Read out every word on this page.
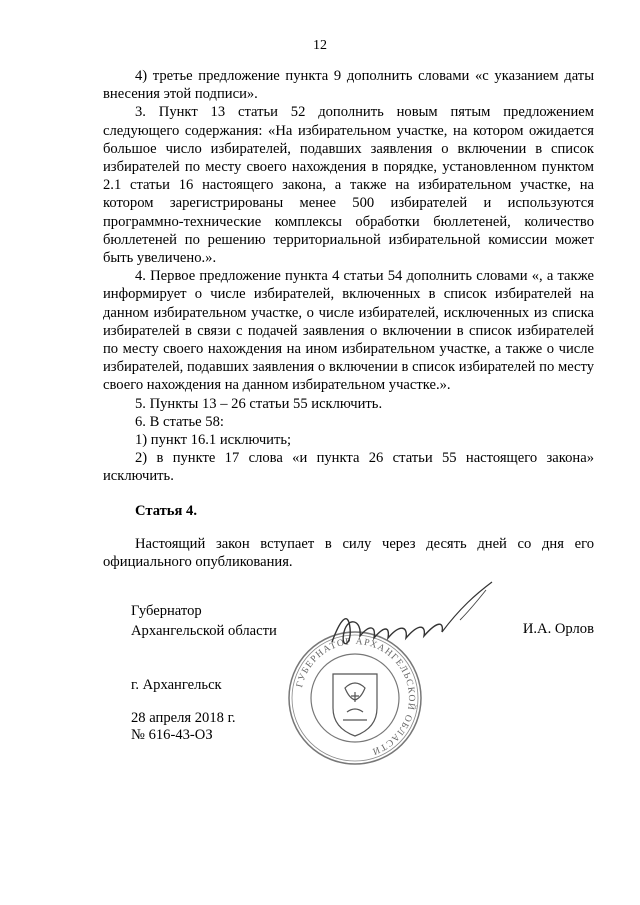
12

4) третье предложение пункта 9 дополнить словами «с указанием даты внесения этой подписи».

3. Пункт 13 статьи 52 дополнить новым пятым предложением следующего содержания: «На избирательном участке, на котором ожидается большое число избирателей, подавших заявления о включении в список избирателей по месту своего нахождения в порядке, установленном пунктом 2.1 статьи 16 настоящего закона, а также на избирательном участке, на котором зарегистрированы менее 500 избирателей и используются программно-технические комплексы обработки бюллетеней, количество бюллетеней по решению территориальной избирательной комиссии может быть увеличено.».

4. Первое предложение пункта 4 статьи 54 дополнить словами «, а также информирует о числе избирателей, включенных в список избирателей на данном избирательном участке, о числе избирателей, исключенных из списка избирателей в связи с подачей заявления о включении в список избирателей по месту своего нахождения на ином избирательном участке, а также о числе избирателей, подавших заявления о включении в список избирателей по месту своего нахождения на данном избирательном участке.».

5. Пункты 13 – 26 статьи 55 исключить.

6. В статье 58:

1) пункт 16.1 исключить;

2) в пункте 17 слова «и пункта 26 статьи 55 настоящего закона» исключить.

Статья 4.

Настоящий закон вступает в силу через десять дней со дня его официального опубликования.

Губернатор
Архангельской области	И.А. Орлов
ГУБЕРНАТОР АРХАНГЕЛЬСКОЙ ОБЛАСТИ
г. Архангельск
28 апреля 2018 г.
№ 616-43-ОЗ
